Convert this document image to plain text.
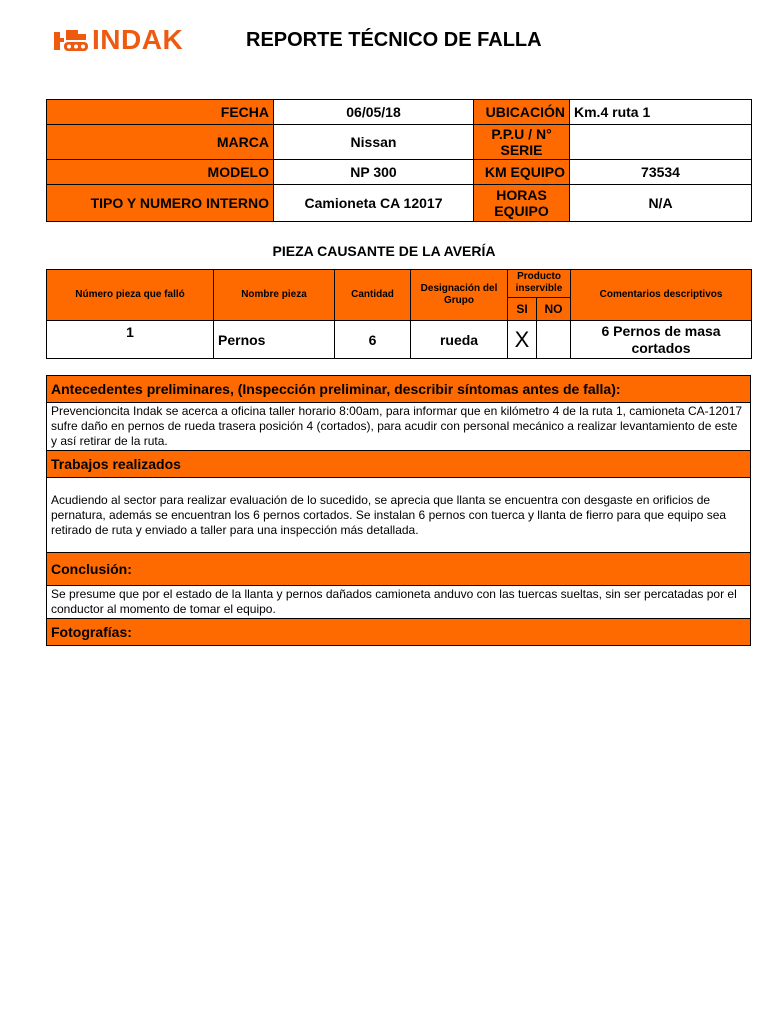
INDAK	REPORTE TÉCNICO DE FALLA
FECHA	06/05/18	UBICACIÓN	Km.4 ruta 1
MARCA	Nissan	P.P.U / N° SERIE	
MODELO	NP 300	KM EQUIPO	73534
TIPO Y NUMERO INTERNO	Camioneta CA 12017	HORAS EQUIPO	N/A
PIEZA CAUSANTE DE LA AVERÍA
Número pieza que falló	Nombre pieza	Cantidad	Designación del Grupo	Producto inservible		Comentarios descriptivos
				SI	NO	
1	Pernos	6	rueda	X		6 Pernos de masa cortados
Antecedentes preliminares, (Inspección preliminar, describir síntomas antes de falla):
Prevencioncita Indak se acerca a oficina taller horario 8:00am, para informar que en kilómetro 4 de la ruta 1, camioneta CA-12017 sufre daño en pernos de rueda trasera posición 4 (cortados), para acudir con personal mecánico a realizar levantamiento de este y así retirar de la ruta.
Trabajos realizados
Acudiendo al sector para realizar evaluación de lo sucedido, se aprecia que llanta se encuentra con desgaste en orificios de pernatura, además se encuentran los 6 pernos cortados. Se instalan 6 pernos con tuerca y llanta de fierro para que equipo sea retirado de ruta y enviado a taller para una inspección más detallada.
Conclusión:
Se presume que por el estado de la llanta y pernos dañados camioneta anduvo con las tuercas sueltas, sin ser percatadas por el conductor al momento de tomar el equipo.
Fotografías:
